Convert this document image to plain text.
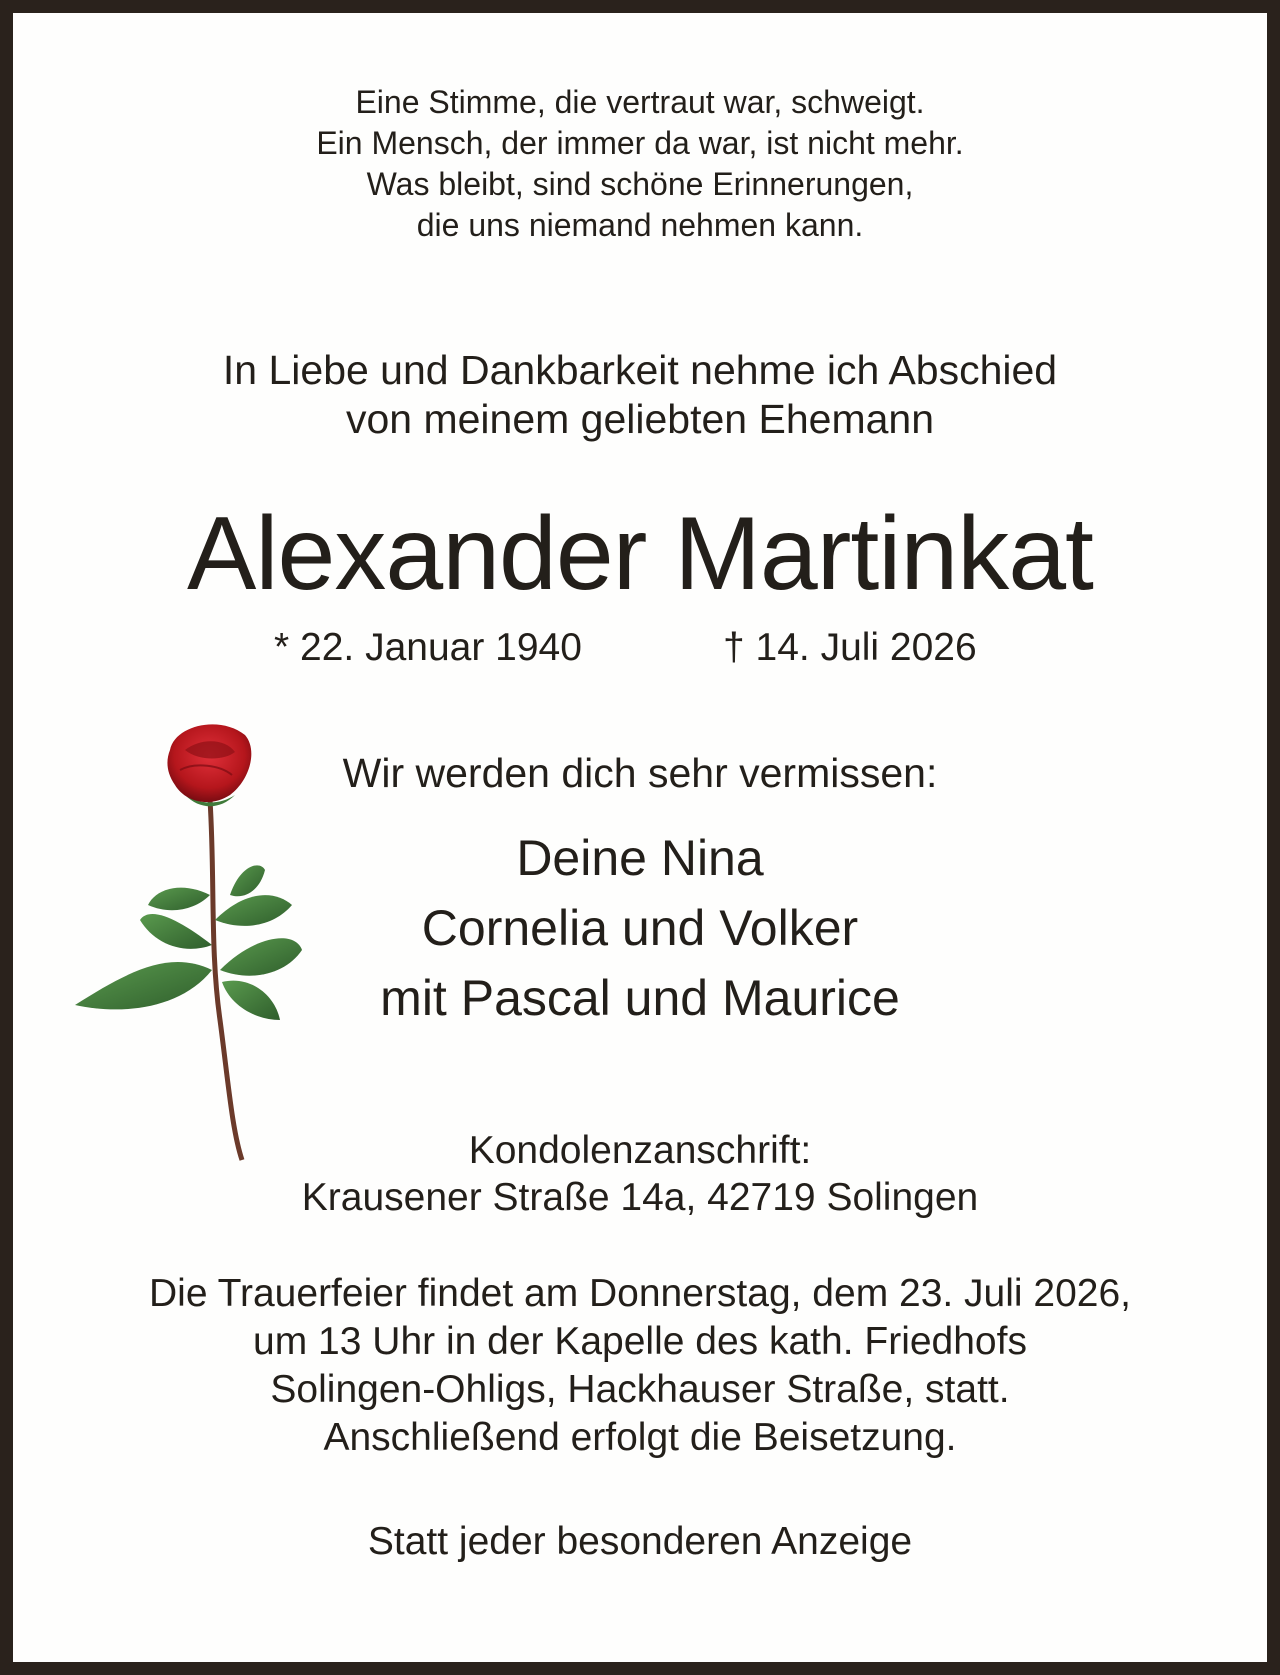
Eine Stimme, die vertraut war, schweigt.
Ein Mensch, der immer da war, ist nicht mehr.
Was bleibt, sind schöne Erinnerungen,
die uns niemand nehmen kann.
In Liebe und Dankbarkeit nehme ich Abschied
von meinem geliebten Ehemann
Alexander Martinkat
* 22. Januar 1940	† 14. Juli 2026
Wir werden dich sehr vermissen:
Deine Nina
Cornelia und Volker
mit Pascal und Maurice
Kondolenzanschrift:
Krausener Straße 14a, 42719 Solingen
Die Trauerfeier findet am Donnerstag, dem 23. Juli 2026,
um 13 Uhr in der Kapelle des kath. Friedhofs
Solingen-Ohligs, Hackhauser Straße, statt.
Anschließend erfolgt die Beisetzung.
Statt jeder besonderen Anzeige
